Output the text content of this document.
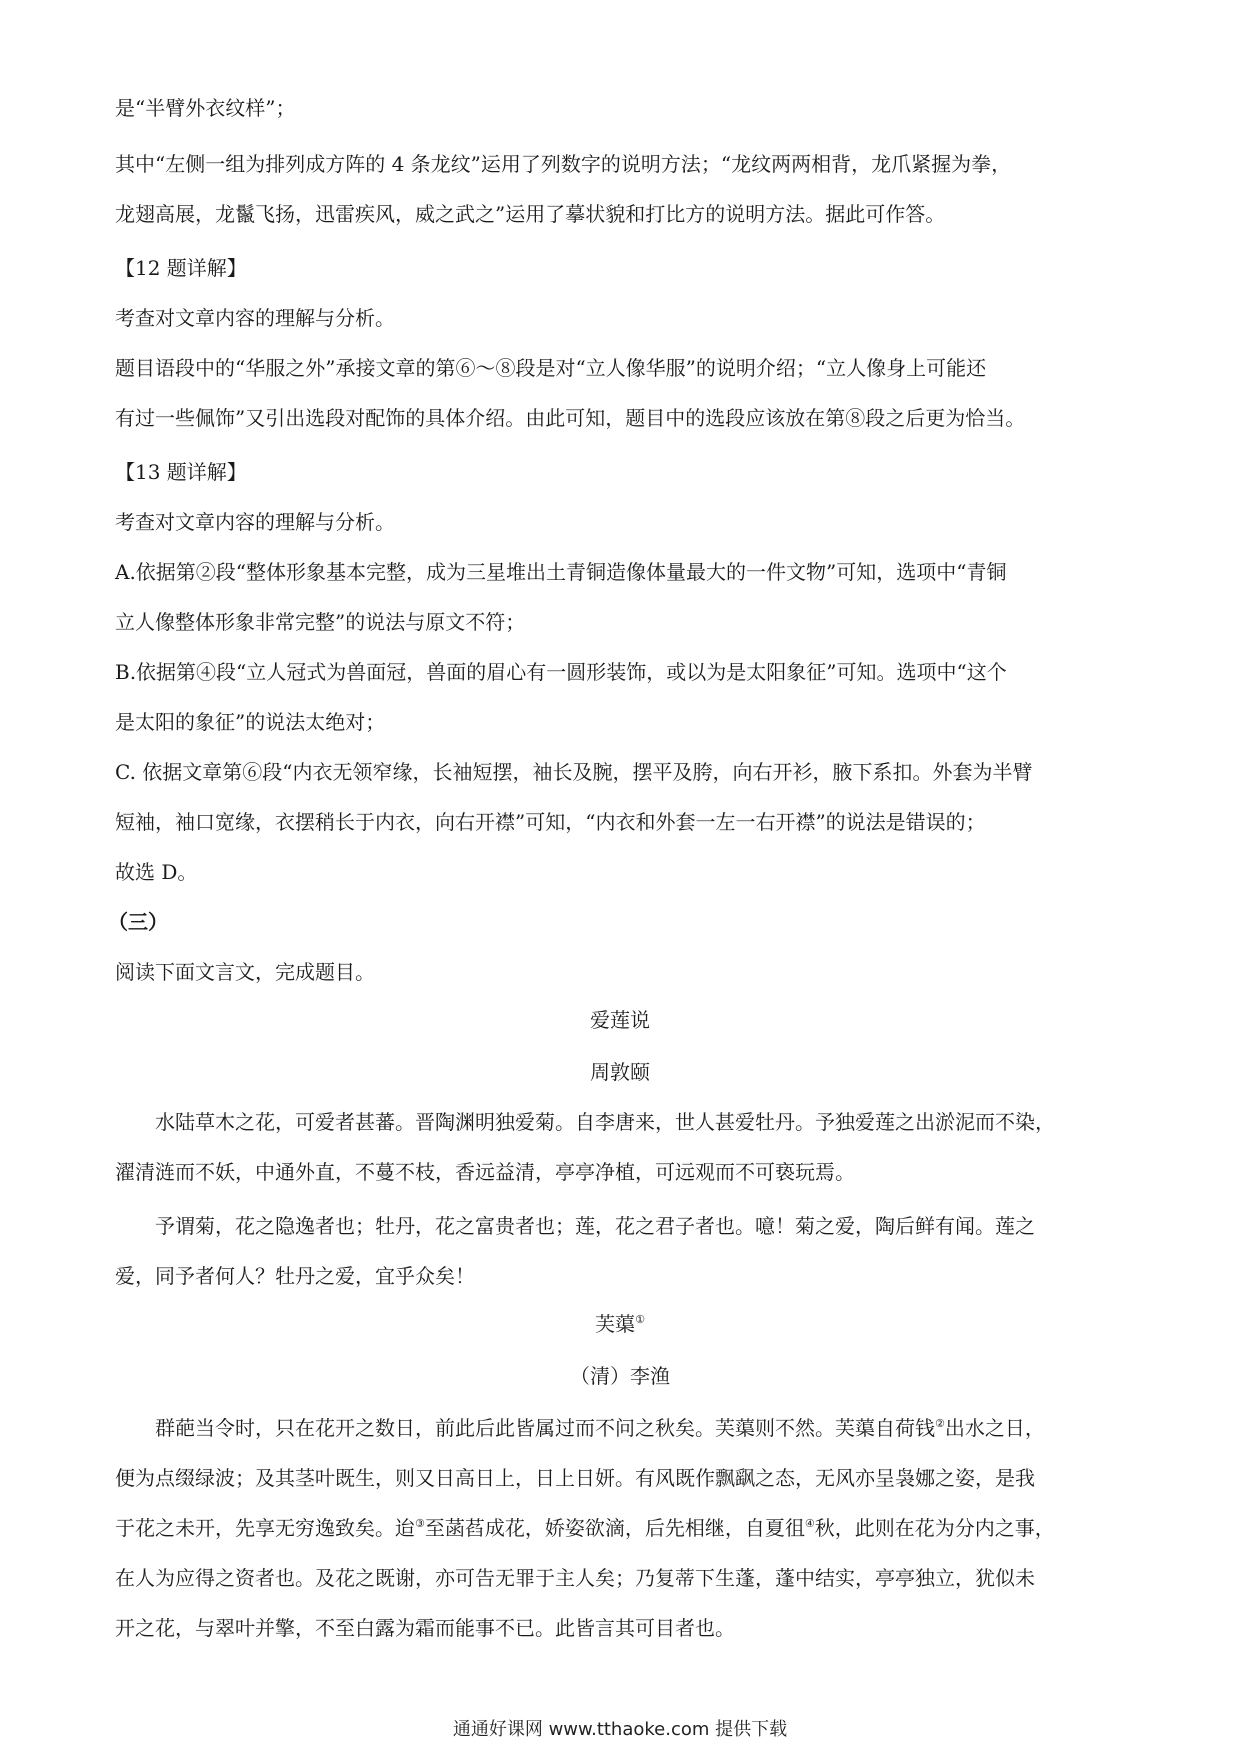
是“半臂外衣纹样”；
其中“左侧一组为排列成方阵的 4 条龙纹”运用了列数字的说明方法；“龙纹两两相背，龙爪紧握为拳，
龙翅高展，龙鬣飞扬，迅雷疾风，威之武之”运用了摹状貌和打比方的说明方法。据此可作答。
【12 题详解】
考查对文章内容的理解与分析。
题目语段中的“华服之外”承接文章的第⑥～⑧段是对“立人像华服”的说明介绍；“立人像身上可能还
有过一些佩饰”又引出选段对配饰的具体介绍。由此可知，题目中的选段应该放在第⑧段之后更为恰当。
【13 题详解】
考查对文章内容的理解与分析。
A.依据第②段“整体形象基本完整，成为三星堆出土青铜造像体量最大的一件文物”可知，选项中“青铜
立人像整体形象非常完整”的说法与原文不符；
B.依据第④段“立人冠式为兽面冠，兽面的眉心有一圆形装饰，或以为是太阳象征”可知。选项中“这个
是太阳的象征”的说法太绝对；
C. 依据文章第⑥段“内衣无领窄缘，长袖短摆，袖长及腕，摆平及胯，向右开衫，腋下系扣。外套为半臂
短袖，袖口宽缘，衣摆稍长于内衣，向右开襟”可知，“内衣和外套一左一右开襟”的说法是错误的；
故选 D。
（三）
阅读下面文言文，完成题目。
爱莲说
周敦颐
水陆草木之花，可爱者甚蕃。晋陶渊明独爱菊。自李唐来，世人甚爱牡丹。予独爱莲之出淤泥而不染，
濯清涟而不妖，中通外直，不蔓不枝，香远益清，亭亭净植，可远观而不可亵玩焉。
予谓菊，花之隐逸者也；牡丹，花之富贵者也；莲，花之君子者也。噫！菊之爱，陶后鲜有闻。莲之
爱，同予者何人？牡丹之爱，宜乎众矣！
芙蕖①
（清）李渔
群葩当令时，只在花开之数日，前此后此皆属过而不问之秋矣。芙蕖则不然。芙蕖自荷钱②出水之日，
便为点缀绿波；及其茎叶既生，则又日高日上，日上日妍。有风既作飘飖之态，无风亦呈袅娜之姿，是我
于花之未开，先享无穷逸致矣。迨③至菡萏成花，娇姿欲滴，后先相继，自夏徂④秋，此则在花为分内之事，
在人为应得之资者也。及花之既谢，亦可告无罪于主人矣；乃复蒂下生蓬，蓬中结实，亭亭独立，犹似未
开之花，与翠叶并擎，不至白露为霜而能事不已。此皆言其可目者也。
通通好课网 www.tthaoke.com 提供下载
